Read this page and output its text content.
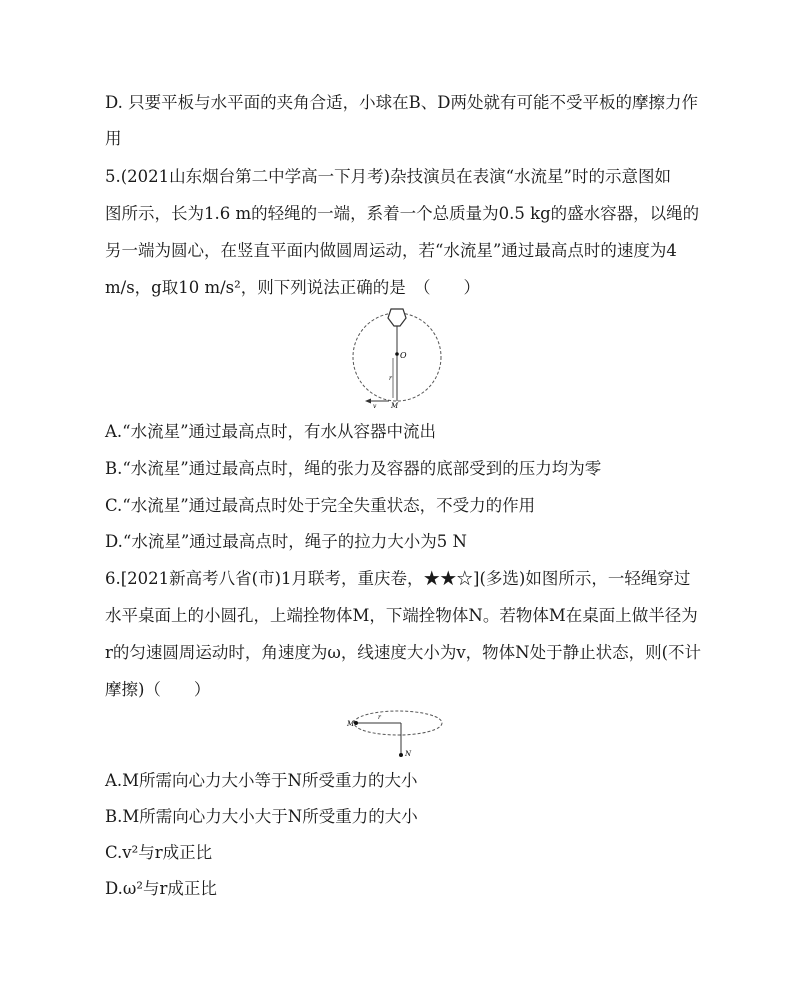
D. 只要平板与水平面的夹角合适，小球在B、D两处就有可能不受平板的摩擦力作
用
5.(2021山东烟台第二中学高一下月考)杂技演员在表演“水流星”时的示意图如
图所示，长为1.6 m的轻绳的一端，系着一个总质量为0.5 kg的盛水容器，以绳的
另一端为圆心，在竖直平面内做圆周运动，若“水流星”通过最高点时的速度为4
m/s，g取10 m/s²，则下列说法正确的是　（　　）
O
r
v M
A.“水流星”通过最高点时，有水从容器中流出
B.“水流星”通过最高点时，绳的张力及容器的底部受到的压力均为零
C.“水流星”通过最高点时处于完全失重状态，不受力的作用
D.“水流星”通过最高点时，绳子的拉力大小为5 N
6.[2021新高考八省(市)1月联考，重庆卷，★★☆](多选)如图所示，一轻绳穿过
水平桌面上的小圆孔，上端拴物体M，下端拴物体N。若物体M在桌面上做半径为
r的匀速圆周运动时，角速度为ω，线速度大小为v，物体N处于静止状态，则(不计
摩擦)（　　）
M
r
N
A.M所需向心力大小等于N所受重力的大小
B.M所需向心力大小大于N所受重力的大小
C.v²与r成正比
D.ω²与r成正比
